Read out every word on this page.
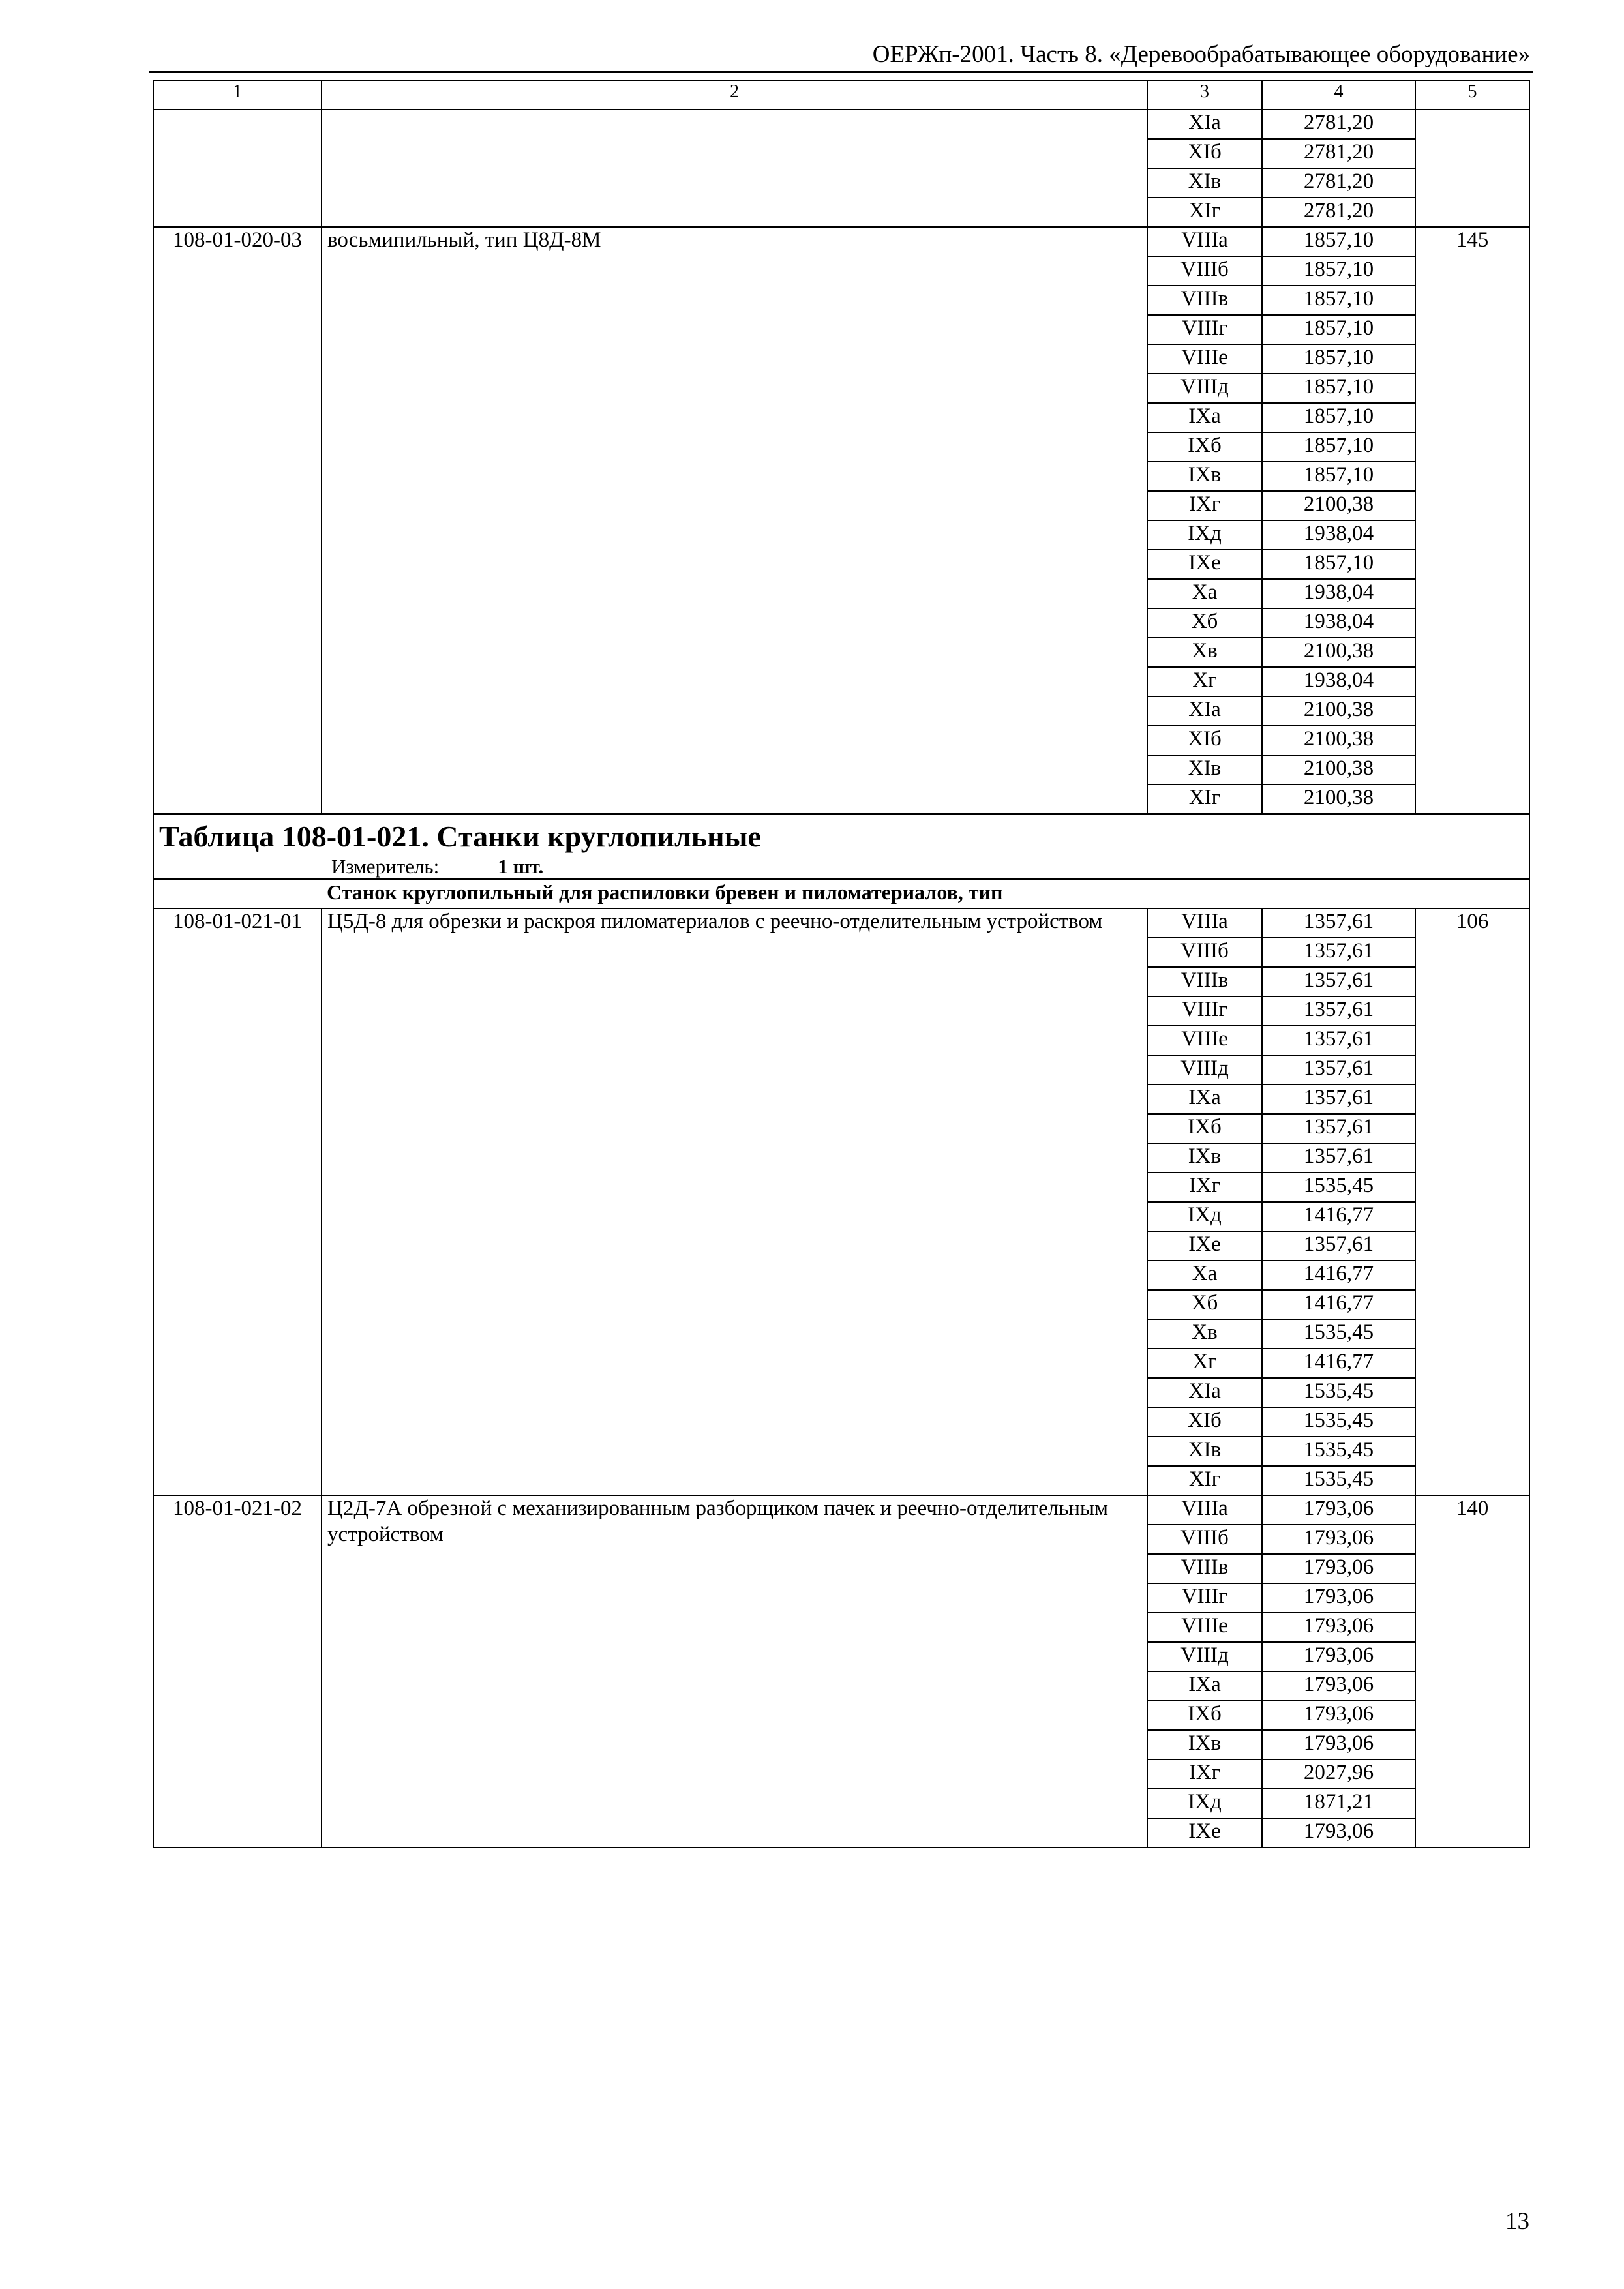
ОЕРЖп-2001. Часть 8. «Деревообрабатывающее оборудование»
1	2	3	4	5
		XIa	2781,20	
		XIб	2781,20	
		XIв	2781,20	
		XIг	2781,20	
108-01-020-03	восьмипильный, тип Ц8Д-8М	VIIIa	1857,10	145
		VIIIб	1857,10	
		VIIIв	1857,10	
		VIIIг	1857,10	
		VIIIe	1857,10	
		VIIIд	1857,10	
		IXa	1857,10	
		IXб	1857,10	
		IXв	1857,10	
		IXг	2100,38	
		IXд	1938,04	
		IXe	1857,10	
		Xa	1938,04	
		Xб	1938,04	
		Xв	2100,38	
		Xг	1938,04	
		XIa	2100,38	
		XIб	2100,38	
		XIв	2100,38	
		XIг	2100,38	

Таблица 108-01-021. Станки круглопильные
Измеритель: 1 шт.				

	Станок круглопильный для распиловки бревен и пиломатериалов, тип			
108-01-021-01	Ц5Д-8 для обрезки и раскроя пиломатериалов с реечно-отделительным устройством	VIIIa	1357,61	106
		VIIIб	1357,61	
		VIIIв	1357,61	
		VIIIг	1357,61	
		VIIIe	1357,61	
		VIIIд	1357,61	
		IXa	1357,61	
		IXб	1357,61	
		IXв	1357,61	
		IXг	1535,45	
		IXд	1416,77	
		IXe	1357,61	
		Xa	1416,77	
		Xб	1416,77	
		Xв	1535,45	
		Xг	1416,77	
		XIa	1535,45	
		XIб	1535,45	
		XIв	1535,45	
		XIг	1535,45	
108-01-021-02	Ц2Д-7А обрезной с механизированным разборщиком пачек и реечно-отделительным устройством	VIIIa	1793,06	140
		VIIIб	1793,06	
		VIIIв	1793,06	
		VIIIг	1793,06	
		VIIIe	1793,06	
		VIIIд	1793,06	
		IXa	1793,06	
		IXб	1793,06	
		IXв	1793,06	
		IXг	2027,96	
		IXд	1871,21	
		IXe	1793,06	
13
